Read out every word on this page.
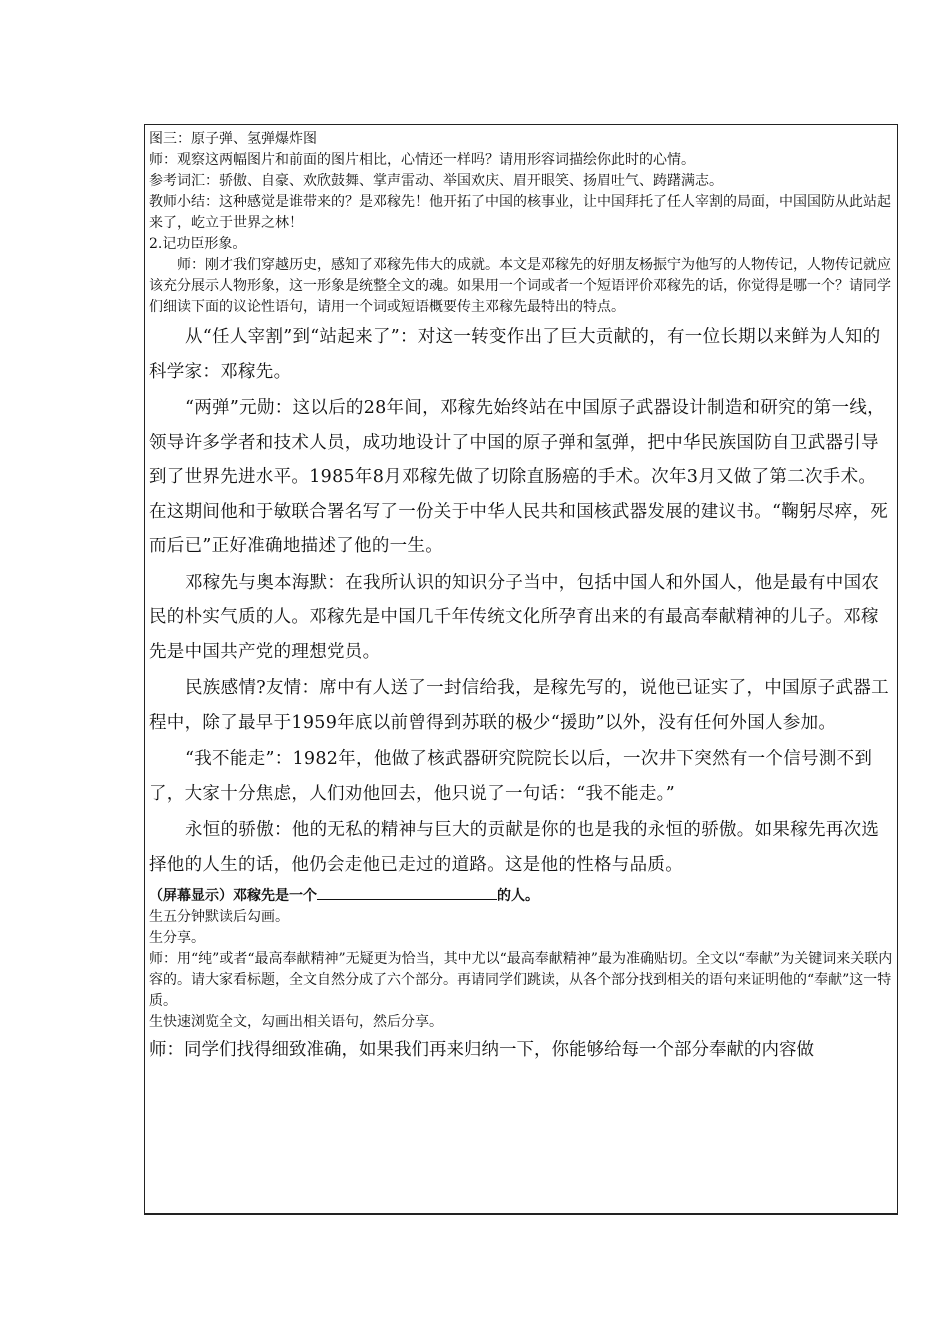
图三：原子弹、氢弹爆炸图

师：观察这两幅图片和前面的图片相比，心情还一样吗？请用形容词描绘你此时的心情。

参考词汇：骄傲、自豪、欢欣鼓舞、掌声雷动、举国欢庆、眉开眼笑、扬眉吐气、踌躇满志。

教师小结：这种感觉是谁带来的？是邓稼先！他开拓了中国的核事业，让中国拜托了任人宰割的局面，中国国防从此站起来了，屹立于世界之林！

2.记功臣形象。

师：刚才我们穿越历史，感知了邓稼先伟大的成就。本文是邓稼先的好朋友杨振宁为他写的人物传记，人物传记就应该充分展示人物形象，这一形象是统整全文的魂。如果用一个词或者一个短语评价邓稼先的话，你觉得是哪一个？请同学们细读下面的议论性语句，请用一个词或短语概要传主邓稼先最特出的特点。

从“任人宰割”到“站起来了”：对这一转变作出了巨大贡献的，有一位长期以来鲜为人知的科学家：邓稼先。

“两弹”元勋：这以后的28年间，邓稼先始终站在中国原子武器设计制造和研究的第一线，领导许多学者和技术人员，成功地设计了中国的原子弹和氢弹，把中华民族国防自卫武器引导到了世界先进水平。1985年8月邓稼先做了切除直肠癌的手术。次年3月又做了第二次手术。在这期间他和于敏联合署名写了一份关于中华人民共和国核武器发展的建议书。“鞠躬尽瘁，死而后已”正好准确地描述了他的一生。

邓稼先与奥本海默：在我所认识的知识分子当中，包括中国人和外国人，他是最有中国农民的朴实气质的人。邓稼先是中国几千年传统文化所孕育出来的有最高奉献精神的儿子。邓稼先是中国共产党的理想党员。

民族感情?友情：席中有人送了一封信给我，是稼先写的，说他已证实了，中国原子武器工程中，除了最早于1959年底以前曾得到苏联的极少“援助”以外，没有任何外国人参加。

“我不能走”：1982年，他做了核武器研究院院长以后，一次井下突然有一个信号測不到了，大家十分焦虑，人们劝他回去，他只说了一句话：“我不能走。”

永恒的骄傲：他的无私的精神与巨大的贡献是你的也是我的永恒的骄傲。如果稼先再次选择他的人生的话，他仍会走他已走过的道路。这是他的性格与品质。

（屏幕显示）邓稼先是一个	的人。

生五分钟默读后勾画。

生分享。

师：用“纯”或者“最高奉献精神”无疑更为恰当，其中尤以“最高奉献精神”最为准确贴切。全文以“奉献”为关键词来关联内容的。请大家看标题，全文自然分成了六个部分。再请同学们跳读，从各个部分找到相关的语句来证明他的“奉献”这一特质。

生快速浏览全文，勾画出相关语句，然后分享。

师：同学们找得细致准确，如果我们再来归纳一下，你能够给每一个部分奉献的内容做
